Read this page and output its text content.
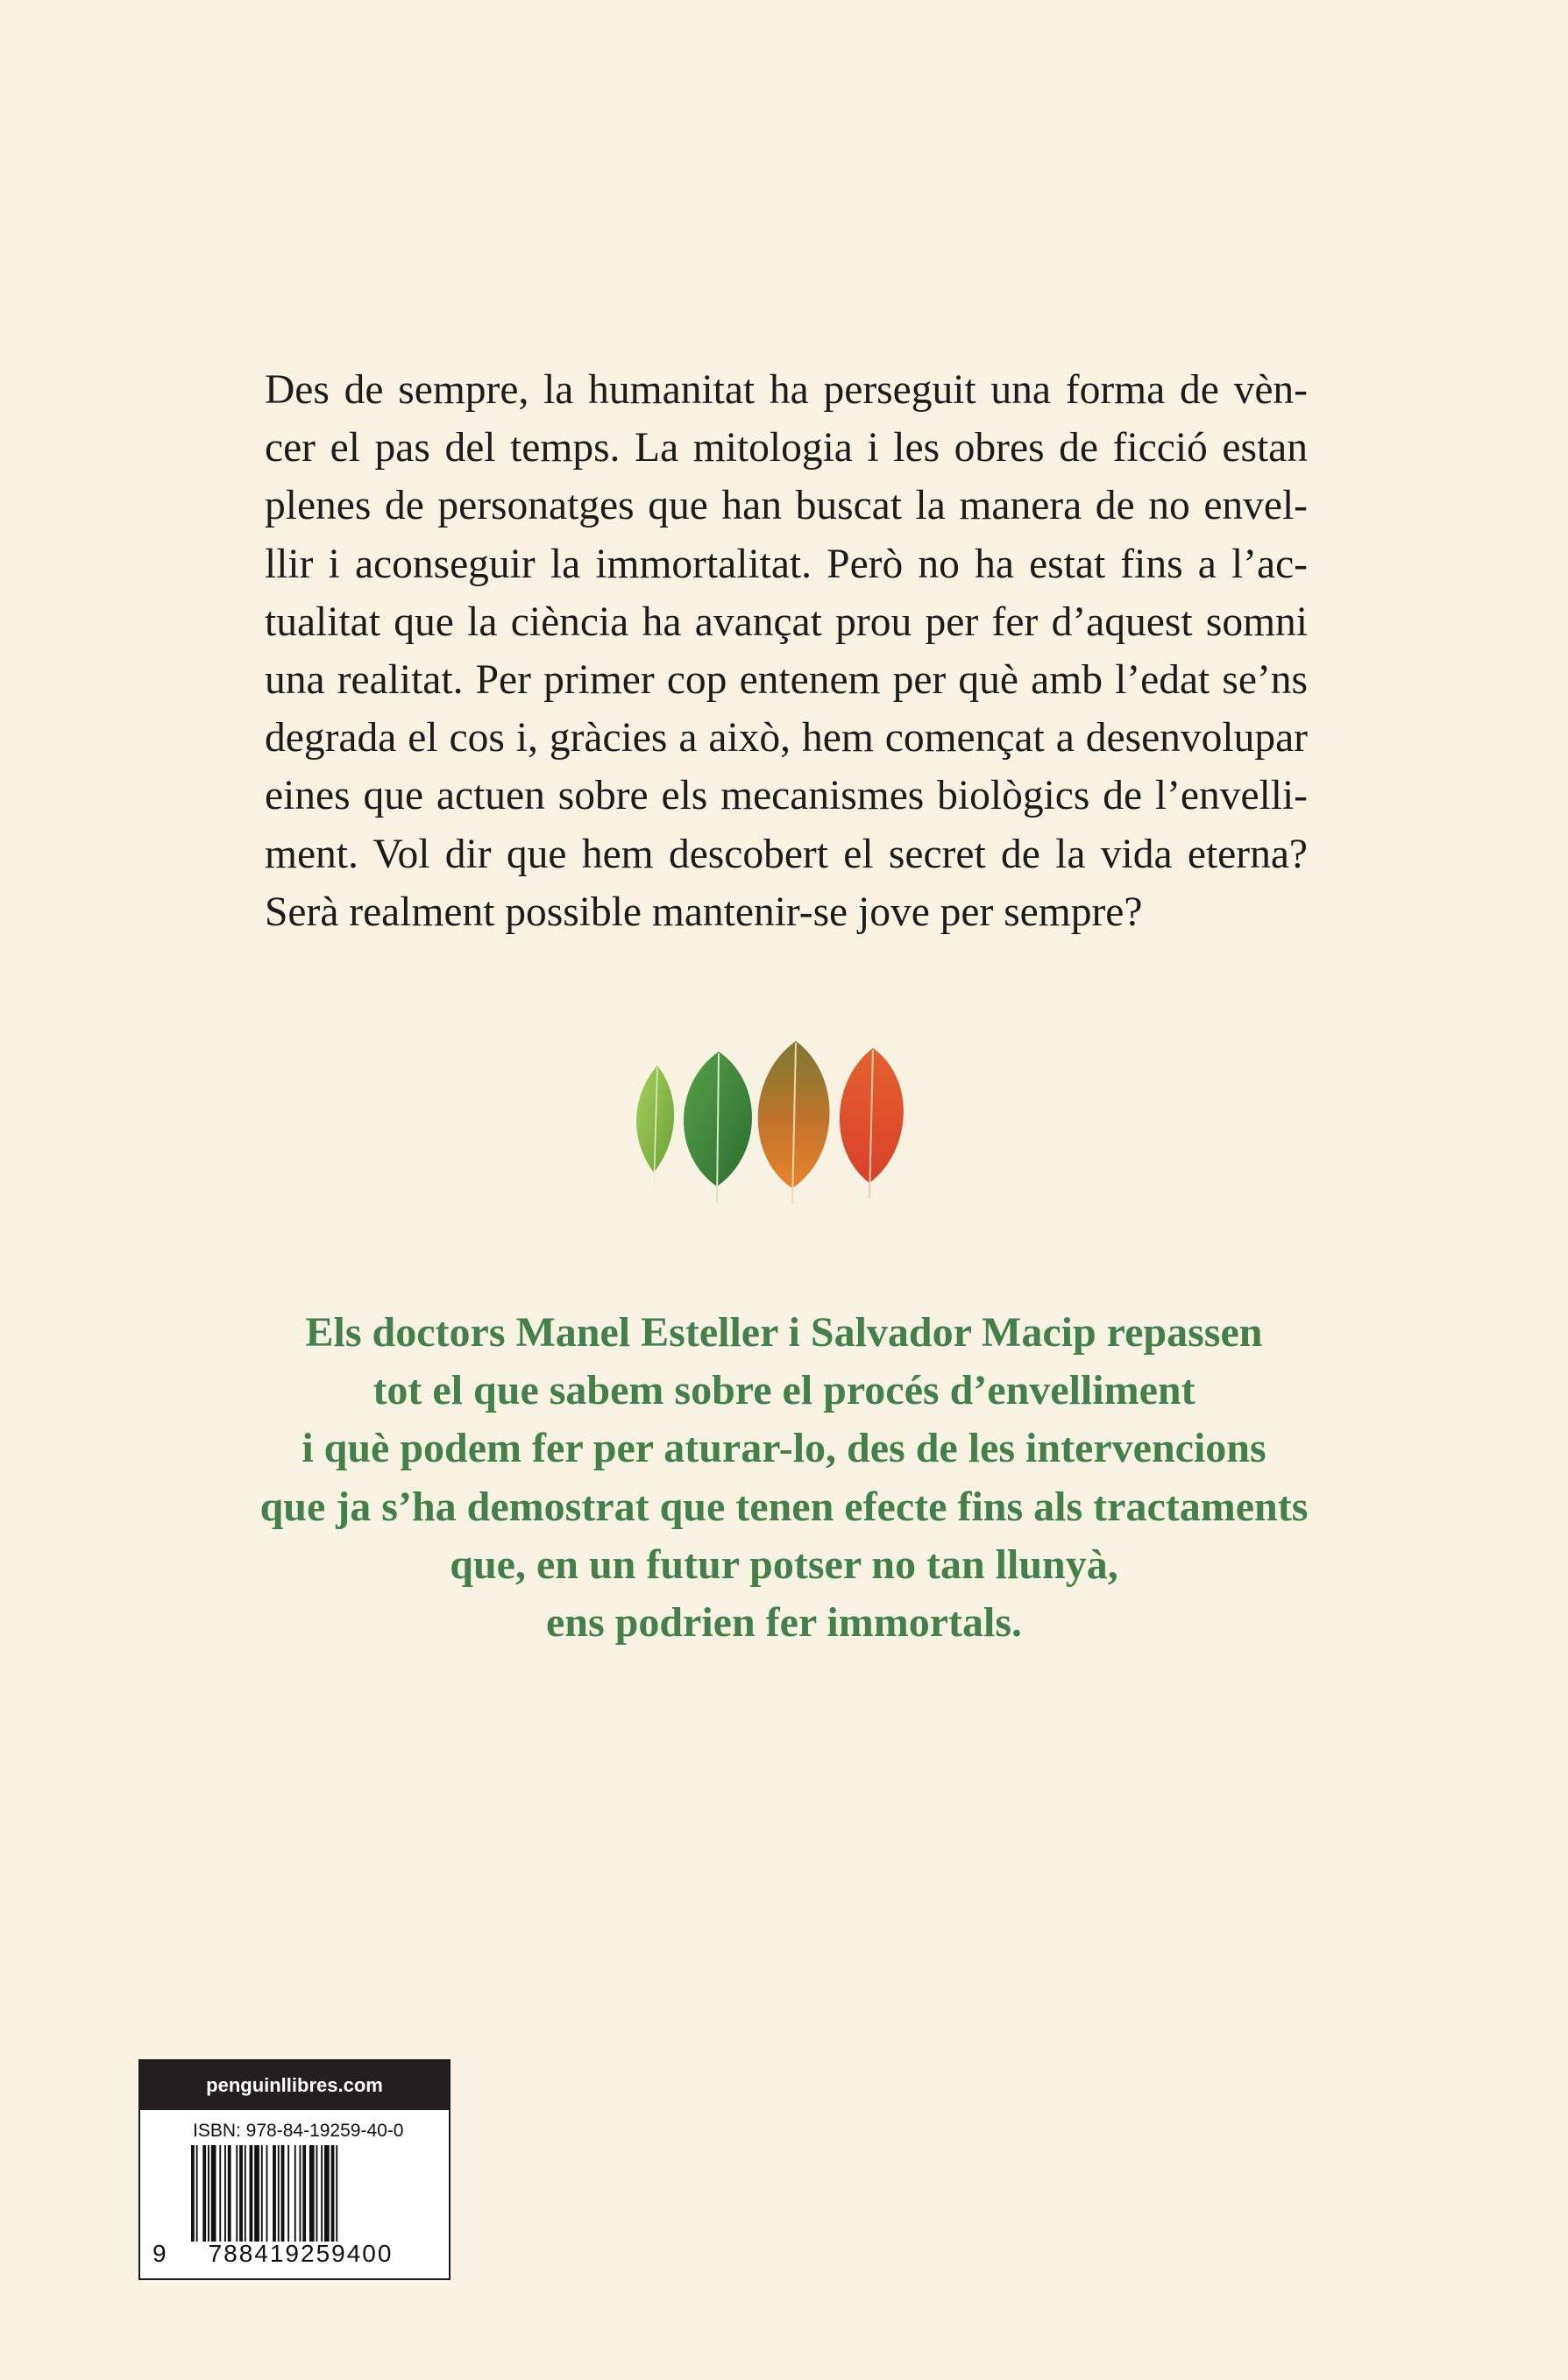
Des de sempre, la humanitat ha perseguit una forma de vèn-
cer el pas del temps. La mitologia i les obres de ficció estan
plenes de personatges que han buscat la manera de no envel-
llir i aconseguir la immortalitat. Però no ha estat fins a l’ac-
tualitat que la ciència ha avançat prou per fer d’aquest somni
una realitat. Per primer cop entenem per què amb l’edat se’ns
degrada el cos i, gràcies a això, hem començat a desenvolupar
eines que actuen sobre els mecanismes biològics de l’envelli-
ment. Vol dir que hem descobert el secret de la vida eterna?
Serà realment possible mantenir-se jove per sempre?

Els doctors Manel Esteller i Salvador Macip repassen
tot el que sabem sobre el procés d’envelliment
i què podem fer per aturar-lo, des de les intervencions
que ja s’ha demostrat que tenen efecte fins als tractaments
que, en un futur potser no tan llunyà,
ens podrien fer immortals.

penguinllibres.com
ISBN: 978-84-19259-40-0
9	788419259400
